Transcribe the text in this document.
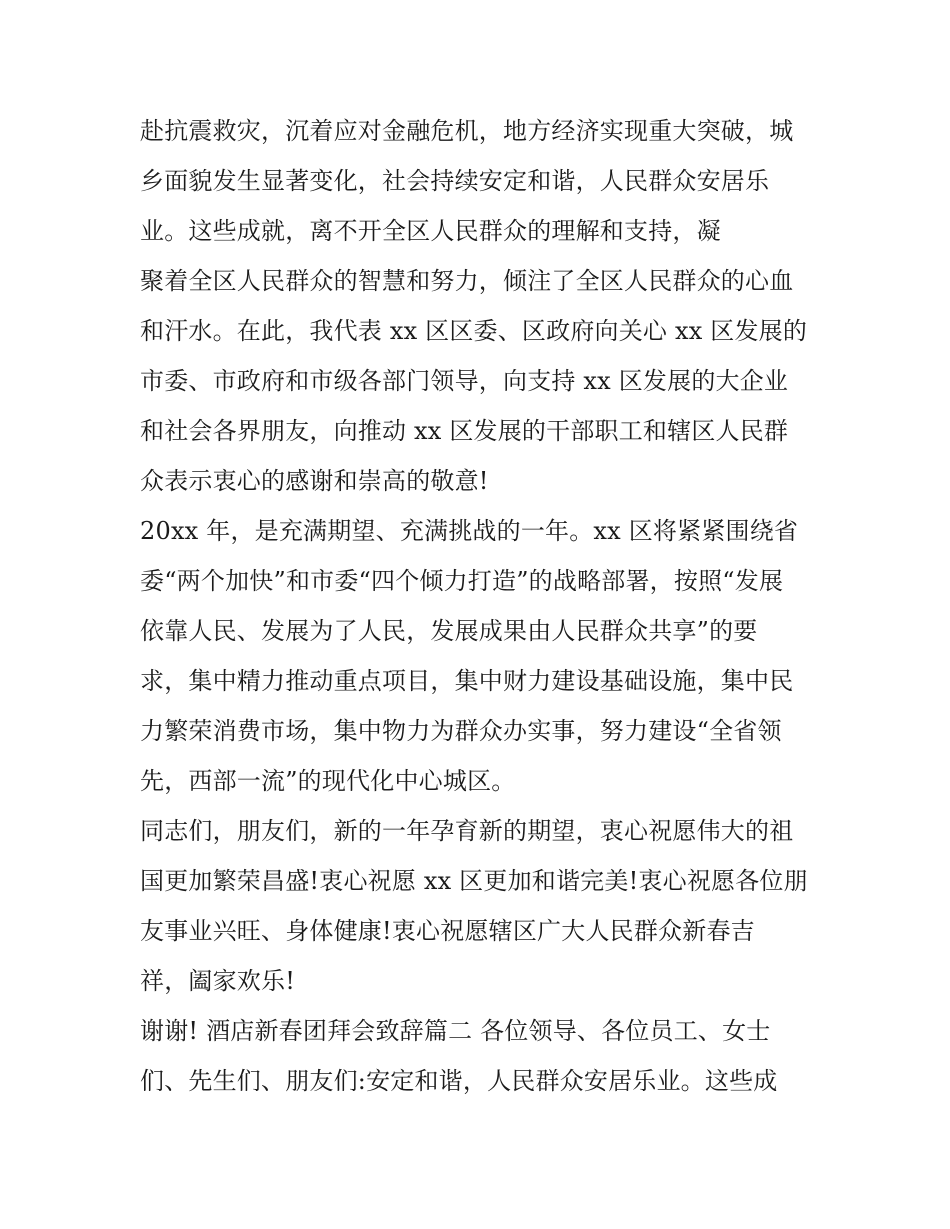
赴抗震救灾，沉着应对金融危机，地方经济实现重大突破，城
乡面貌发生显著变化，社会持续安定和谐，人民群众安居乐
业。这些成就，离不开全区人民群众的理解和支持，凝
聚着全区人民群众的智慧和努力，倾注了全区人民群众的心血
和汗水。在此，我代表 xx 区区委、区政府向关心 xx 区发展的
市委、市政府和市级各部门领导，向支持 xx 区发展的大企业
和社会各界朋友，向推动 xx 区发展的干部职工和辖区人民群
众表示衷心的感谢和崇高的敬意!
20xx 年，是充满期望、充满挑战的一年。xx 区将紧紧围绕省
委“两个加快”和市委“四个倾力打造”的战略部署，按照“发展
依靠人民、发展为了人民，发展成果由人民群众共享”的要
求，集中精力推动重点项目，集中财力建设基础设施，集中民
力繁荣消费市场，集中物力为群众办实事，努力建设“全省领
先，西部一流”的现代化中心城区。
同志们，朋友们，新的一年孕育新的期望，衷心祝愿伟大的祖
国更加繁荣昌盛!衷心祝愿 xx 区更加和谐完美!衷心祝愿各位朋
友事业兴旺、身体健康!衷心祝愿辖区广大人民群众新春吉
祥，阖家欢乐!
谢谢! 酒店新春团拜会致辞篇二 各位领导、各位员工、女士
们、先生们、朋友们:安定和谐，人民群众安居乐业。这些成
